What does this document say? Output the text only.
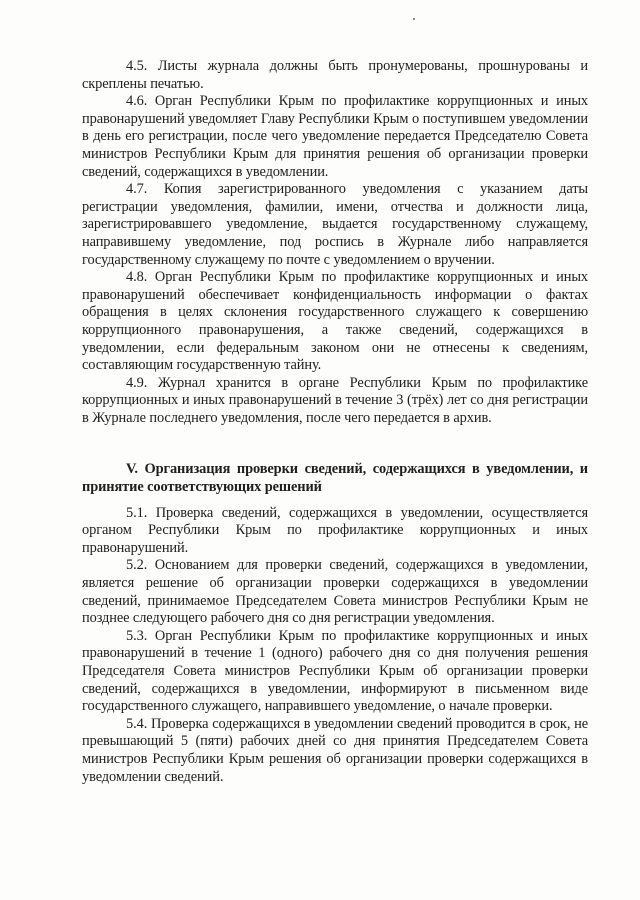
4.5. Листы журнала должны быть пронумерованы, прошнурованы и скреплены печатью.

4.6. Орган Республики Крым по профилактике коррупционных и иных правонарушений уведомляет Главу Республики Крым о поступившем уведомлении в день его регистрации, после чего уведомление передается Председателю Совета министров Республики Крым для принятия решения об организации проверки сведений, содержащихся в уведомлении.

4.7. Копия зарегистрированного уведомления с указанием даты регистрации уведомления, фамилии, имени, отчества и должности лица, зарегистрировавшего уведомление, выдается государственному служащему, направившему уведомление, под роспись в Журнале либо направляется государственному служащему по почте с уведомлением о вручении.

4.8. Орган Республики Крым по профилактике коррупционных и иных правонарушений обеспечивает конфиденциальность информации о фактах обращения в целях склонения государственного служащего к совершению коррупционного правонарушения, а также сведений, содержащихся в уведомлении, если федеральным законом они не отнесены к сведениям, составляющим государственную тайну.

4.9. Журнал хранится в органе Республики Крым по профилактике коррупционных и иных правонарушений в течение 3 (трёх) лет со дня регистрации в Журнале последнего уведомления, после чего передается в архив.

V. Организация проверки сведений, содержащихся в уведомлении, и принятие соответствующих решений

5.1. Проверка сведений, содержащихся в уведомлении, осуществляется органом Республики Крым по профилактике коррупционных и иных правонарушений.

5.2. Основанием для проверки сведений, содержащихся в уведомлении, является решение об организации проверки содержащихся в уведомлении сведений, принимаемое Председателем Совета министров Республики Крым не позднее следующего рабочего дня со дня регистрации уведомления.

5.3. Орган Республики Крым по профилактике коррупционных и иных правонарушений в течение 1 (одного) рабочего дня со дня получения решения Председателя Совета министров Республики Крым об организации проверки сведений, содержащихся в уведомлении, информируют в письменном виде государственного служащего, направившего уведомление, о начале проверки.

5.4. Проверка содержащихся в уведомлении сведений проводится в срок, не превышающий 5 (пяти) рабочих дней со дня принятия Председателем Совета министров Республики Крым решения об организации проверки содержащихся в уведомлении сведений.
